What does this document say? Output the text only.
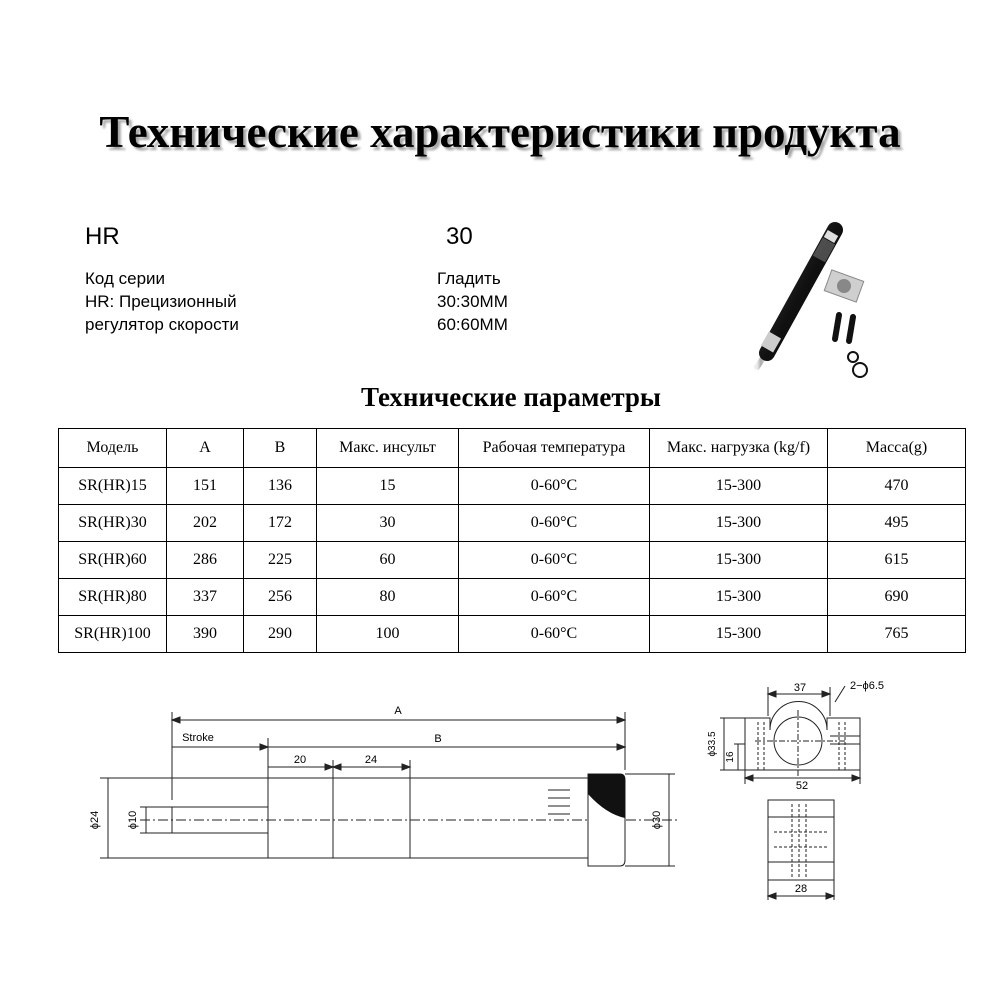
Технические характеристики продукта
HR
Код серии
HR: Прецизионный
регулятор скорости
30
Гладить
30:30MM
60:60MM
Технические параметры
Модель	A	B	Макс. инсульт	Рабочая температура	Макс. нагрузка (kg/f)	Масса(g)
SR(HR)15	151	136	15	0-60°C	15-300	470
SR(HR)30	202	172	30	0-60°C	15-300	495
SR(HR)60	286	225	60	0-60°C	15-300	615
SR(HR)80	337	256	80	0-60°C	15-300	690
SR(HR)100	390	290	100	0-60°C	15-300	765
A
B
Stroke
20	24
ϕ24 ϕ10	ϕ30
37	2−ϕ6.5
ϕ33.5
16
52
28
